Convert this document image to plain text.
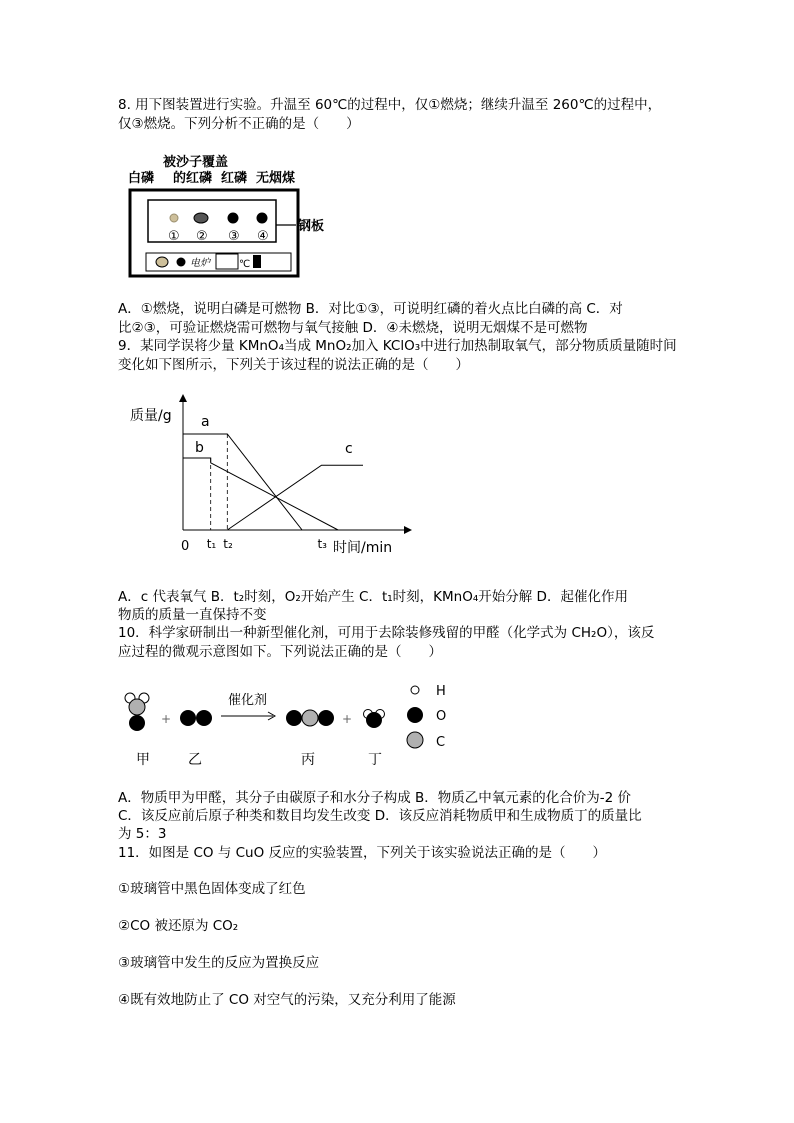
8. 用下图装置进行实验。升温至 60℃的过程中，仅①燃烧；继续升温至 260℃的过程中，
仅③燃烧。下列分析不正确的是（　　）
被沙子覆盖
的红磷
白磷	红磷 无烟煤
钢板
① ② ③ ④
电炉	℃
A．①燃烧，说明白磷是可燃物 B．对比①③，可说明红磷的着火点比白磷的高 C．对
比②③，可验证燃烧需可燃物与氧气接触 D．④未燃烧，说明无烟煤不是可燃物
9．某同学误将少量 KMnO₄当成 MnO₂加入 KClO₃中进行加热制取氧气，部分物质质量随时间
变化如下图所示，下列关于该过程的说法正确的是（　　）
质量/g
时间/min
0 t₁ t₂	t₃
a
b	c
A．c 代表氧气 B．t₂时刻，O₂开始产生 C．t₁时刻，KMnO₄开始分解 D．起催化作用
物质的质量一直保持不变
10．科学家研制出一种新型催化剂，可用于去除装修残留的甲醛（化学式为 CH₂O），该反
应过程的微观示意图如下。下列说法正确的是（　　）
+
催化剂
+
甲	乙	丙	丁
H
O
C
A．物质甲为甲醛，其分子由碳原子和水分子构成 B．物质乙中氧元素的化合价为-2 价
C．该反应前后原子种类和数目均发生改变 D．该反应消耗物质甲和生成物质丁的质量比
为 5：3
11．如图是 CO 与 CuO 反应的实验装置，下列关于该实验说法正确的是（　　）
①玻璃管中黑色固体变成了红色
②CO 被还原为 CO₂
③玻璃管中发生的反应为置换反应
④既有效地防止了 CO 对空气的污染，又充分利用了能源
